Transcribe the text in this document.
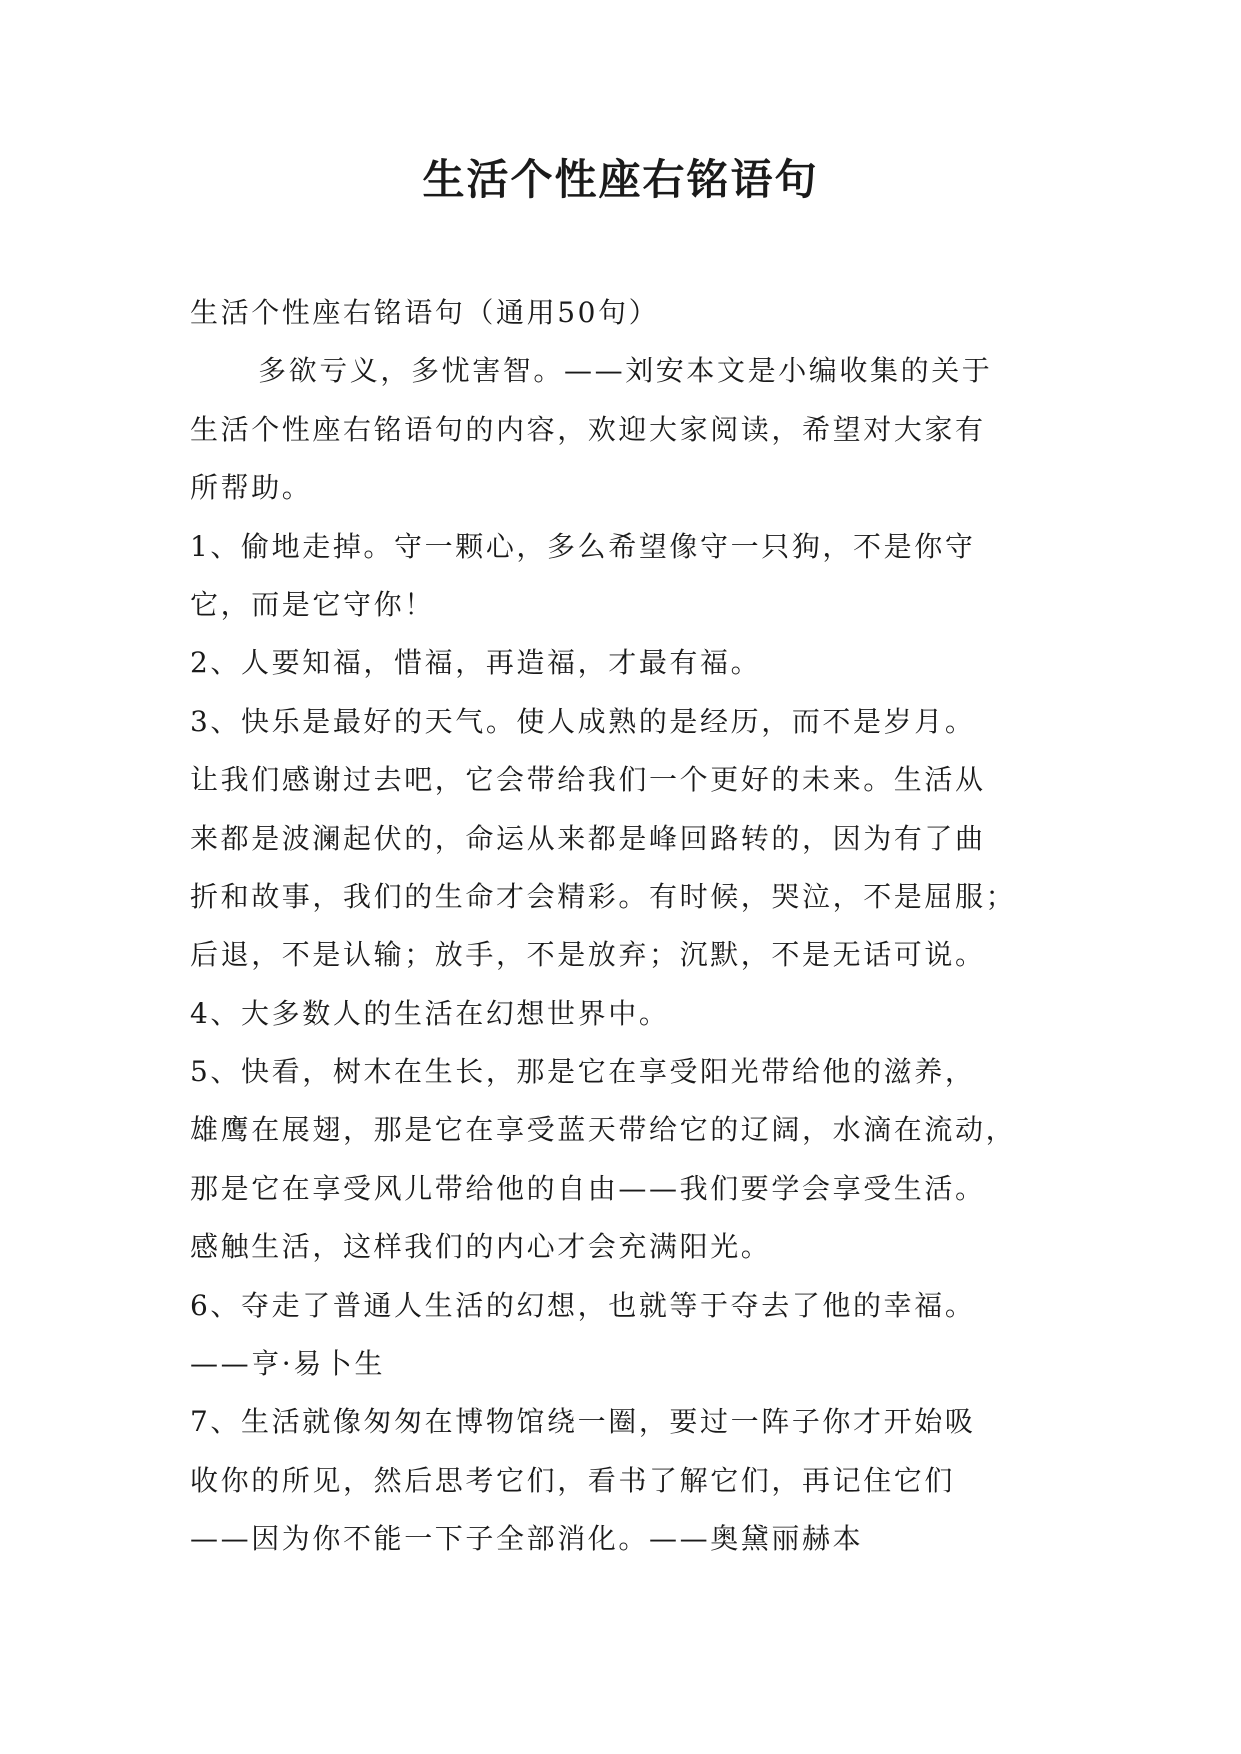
生活个性座右铭语句
生活个性座右铭语句（通用50句）
多欲亏义，多忧害智。——刘安本文是小编收集的关于
生活个性座右铭语句的内容，欢迎大家阅读，希望对大家有
所帮助。
1、偷地走掉。守一颗心，多么希望像守一只狗，不是你守
它，而是它守你！
2、人要知福，惜福，再造福，才最有福。
3、快乐是最好的天气。使人成熟的是经历，而不是岁月。
让我们感谢过去吧，它会带给我们一个更好的未来。生活从
来都是波澜起伏的，命运从来都是峰回路转的，因为有了曲
折和故事，我们的生命才会精彩。有时候，哭泣，不是屈服；
后退，不是认输；放手，不是放弃；沉默，不是无话可说。
4、大多数人的生活在幻想世界中。
5、快看，树木在生长，那是它在享受阳光带给他的滋养，
雄鹰在展翅，那是它在享受蓝天带给它的辽阔，水滴在流动，
那是它在享受风儿带给他的自由——我们要学会享受生活。
感触生活，这样我们的内心才会充满阳光。
6、夺走了普通人生活的幻想，也就等于夺去了他的幸福。
——亨·易卜生
7、生活就像匆匆在博物馆绕一圈，要过一阵子你才开始吸
收你的所见，然后思考它们，看书了解它们，再记住它们
——因为你不能一下子全部消化。——奥黛丽赫本
